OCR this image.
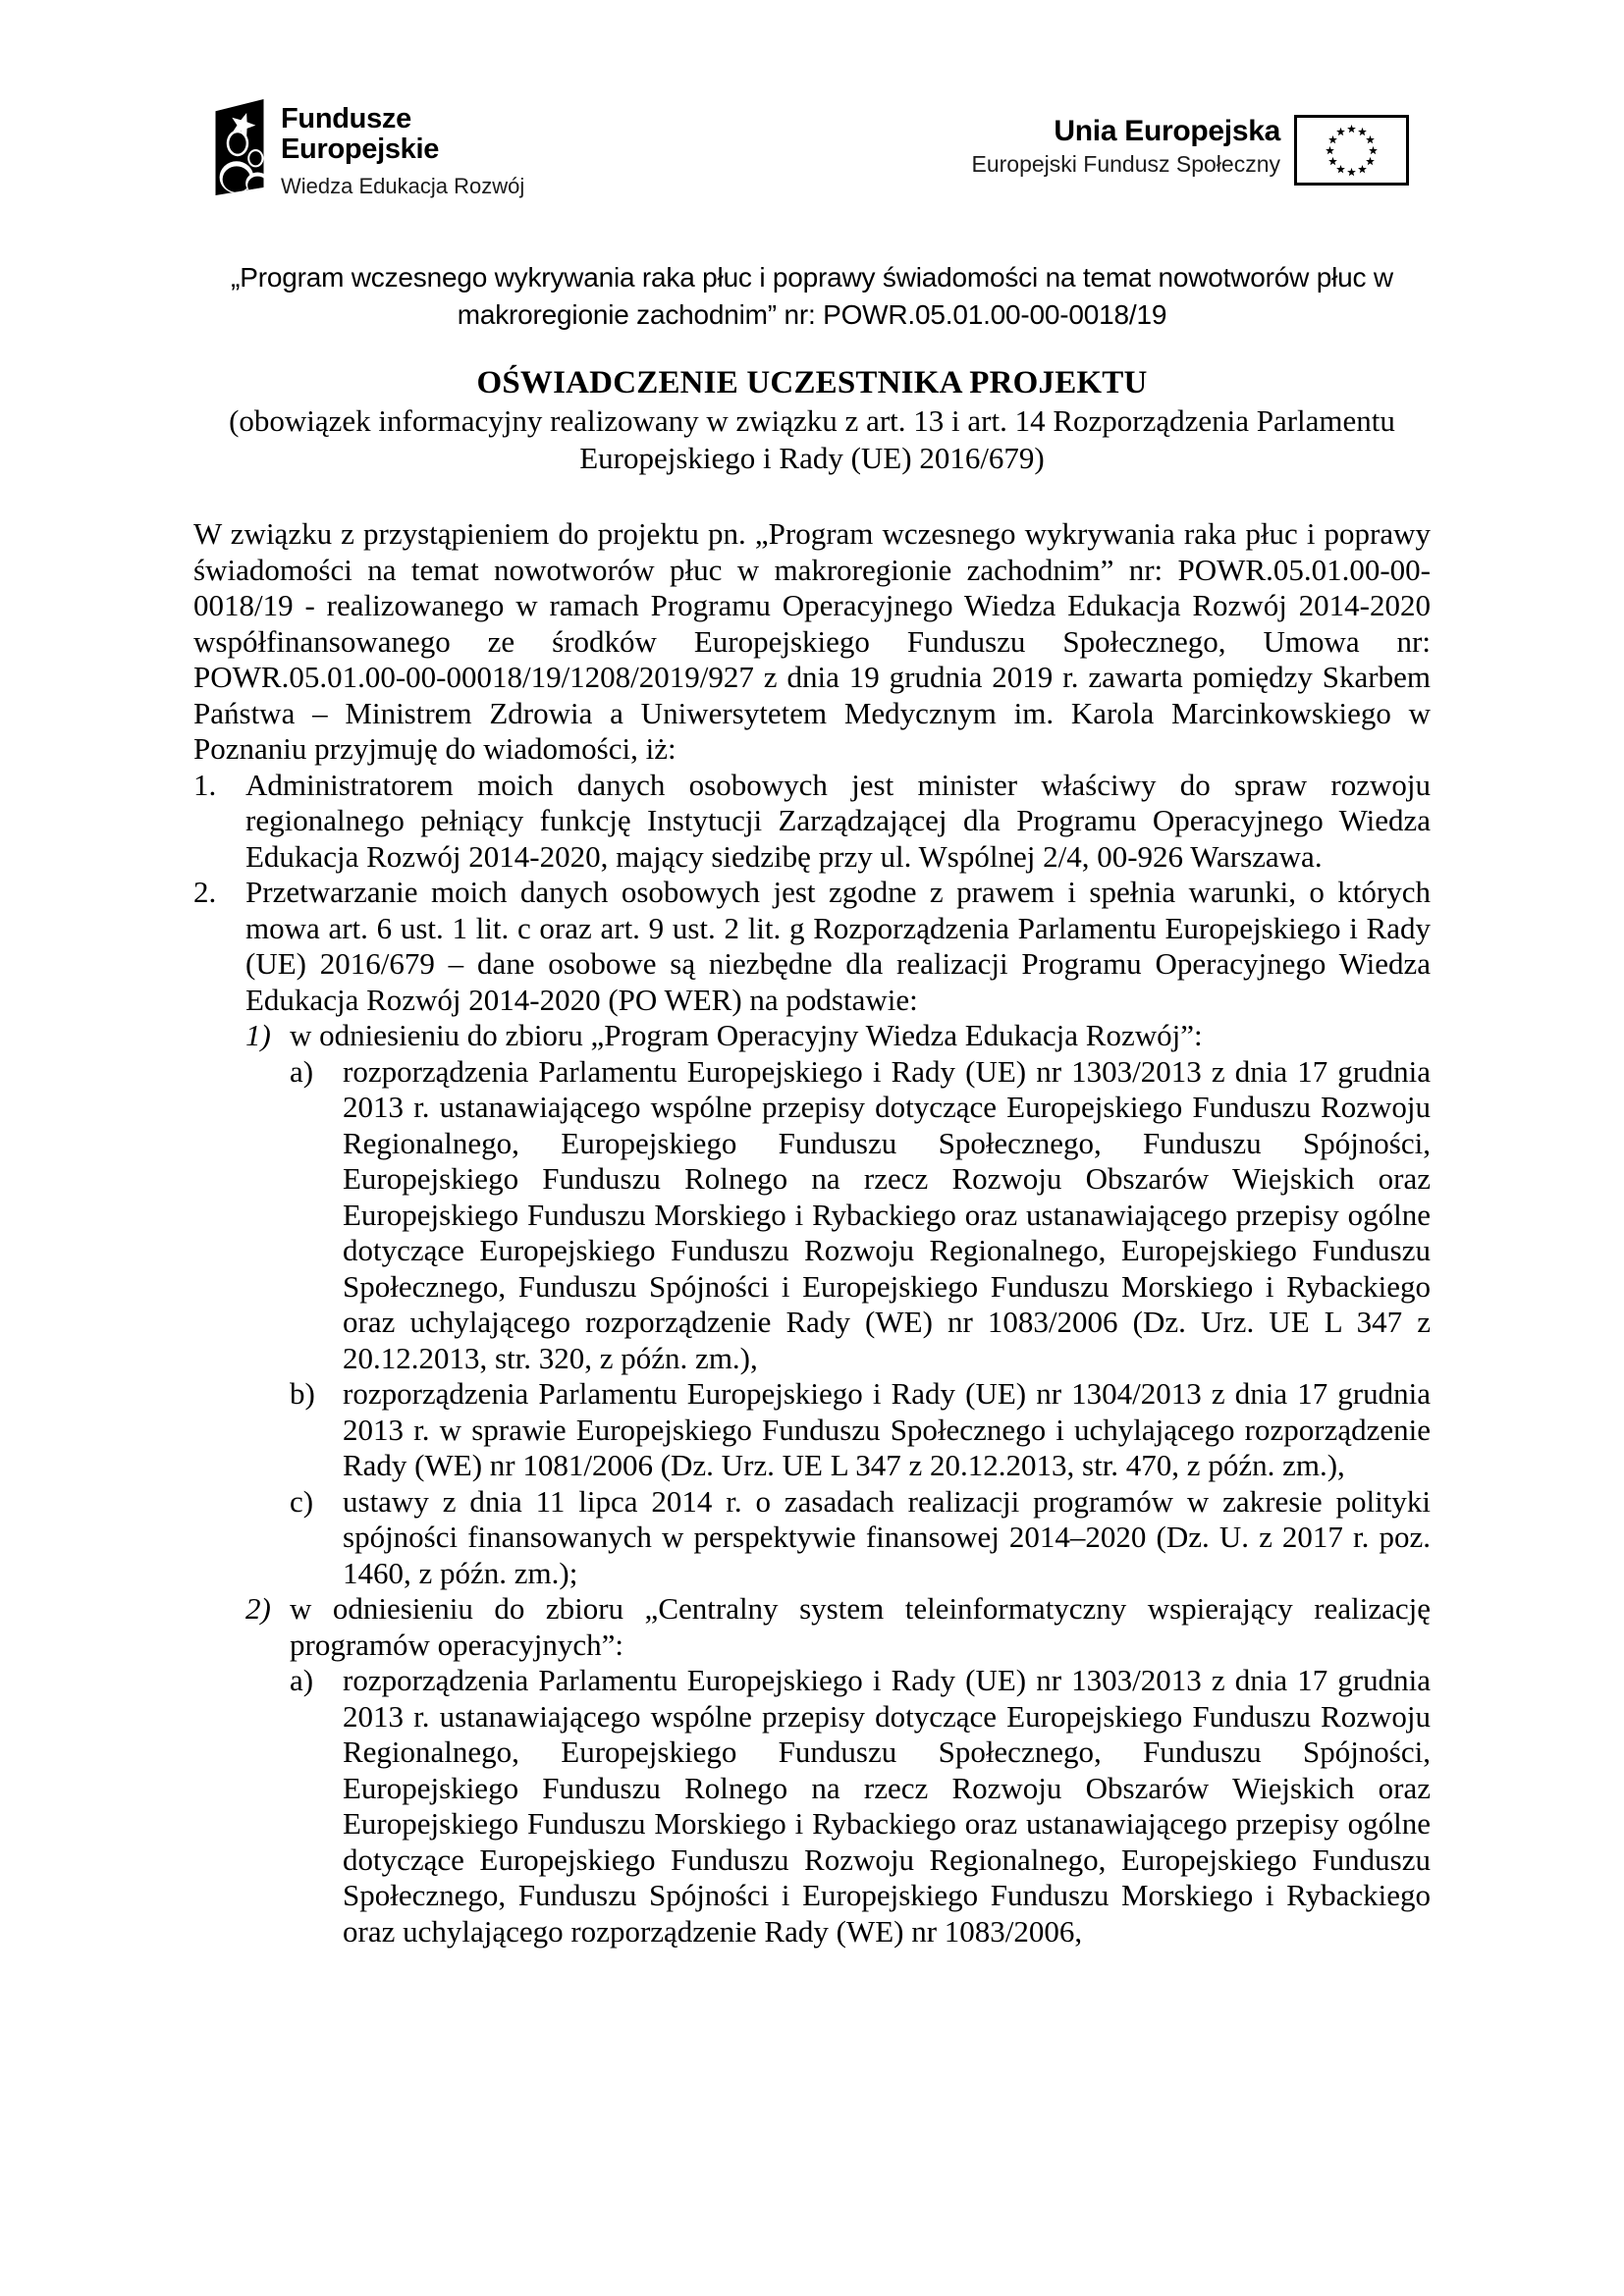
Fundusze
Europejskie
Wiedza Edukacja Rozwój
Unia Europejska
Europejski Fundusz Społeczny
„Program wczesnego wykrywania raka płuc i poprawy świadomości na temat nowotworów płuc w
makroregionie zachodnim” nr: POWR.05.01.00-00-0018/19
OŚWIADCZENIE UCZESTNIKA PROJEKTU
(obowiązek informacyjny realizowany w związku z art. 13 i art. 14 Rozporządzenia Parlamentu
Europejskiego i Rady (UE) 2016/679)
W związku z przystąpieniem do projektu pn. „Program wczesnego wykrywania raka płuc i poprawy świadomości na temat nowotworów płuc w makroregionie zachodnim” nr: POWR.05.01.00-00-0018/19 - realizowanego w ramach Programu Operacyjnego Wiedza Edukacja Rozwój 2014-2020 współfinansowanego ze środków Europejskiego Funduszu Społecznego, Umowa nr: POWR.05.01.00-00-00018/19/1208/2019/927 z dnia 19 grudnia 2019 r. zawarta pomiędzy Skarbem Państwa – Ministrem Zdrowia a Uniwersytetem Medycznym im. Karola Marcinkowskiego w Poznaniu przyjmuję do wiadomości, iż:
1. Administratorem moich danych osobowych jest minister właściwy do spraw rozwoju regionalnego pełniący funkcję Instytucji Zarządzającej dla Programu Operacyjnego Wiedza Edukacja Rozwój 2014-2020, mający siedzibę przy ul. Wspólnej 2/4, 00-926 Warszawa.
2. Przetwarzanie moich danych osobowych jest zgodne z prawem i spełnia warunki, o których mowa art. 6 ust. 1 lit. c oraz art. 9 ust. 2 lit. g Rozporządzenia Parlamentu Europejskiego i Rady (UE) 2016/679 – dane osobowe są niezbędne dla realizacji Programu Operacyjnego Wiedza Edukacja Rozwój 2014-2020 (PO WER) na podstawie:
1) w odniesieniu do zbioru „Program Operacyjny Wiedza Edukacja Rozwój”:
a) rozporządzenia Parlamentu Europejskiego i Rady (UE) nr 1303/2013 z dnia 17 grudnia 2013 r. ustanawiającego wspólne przepisy dotyczące Europejskiego Funduszu Rozwoju Regionalnego, Europejskiego Funduszu Społecznego, Funduszu Spójności, Europejskiego Funduszu Rolnego na rzecz Rozwoju Obszarów Wiejskich oraz Europejskiego Funduszu Morskiego i Rybackiego oraz ustanawiającego przepisy ogólne dotyczące Europejskiego Funduszu Rozwoju Regionalnego, Europejskiego Funduszu Społecznego, Funduszu Spójności i Europejskiego Funduszu Morskiego i Rybackiego oraz uchylającego rozporządzenie Rady (WE) nr 1083/2006 (Dz. Urz. UE L 347 z 20.12.2013, str. 320, z późn. zm.),
b) rozporządzenia Parlamentu Europejskiego i Rady (UE) nr 1304/2013 z dnia 17 grudnia 2013 r. w sprawie Europejskiego Funduszu Społecznego i uchylającego rozporządzenie Rady (WE) nr 1081/2006 (Dz. Urz. UE L 347 z 20.12.2013, str. 470, z późn. zm.),
c) ustawy z dnia 11 lipca 2014 r. o zasadach realizacji programów w zakresie polityki spójności finansowanych w perspektywie finansowej 2014–2020 (Dz. U. z 2017 r. poz. 1460, z późn. zm.);
2) w odniesieniu do zbioru „Centralny system teleinformatyczny wspierający realizację programów operacyjnych”:
a) rozporządzenia Parlamentu Europejskiego i Rady (UE) nr 1303/2013 z dnia 17 grudnia 2013 r. ustanawiającego wspólne przepisy dotyczące Europejskiego Funduszu Rozwoju Regionalnego, Europejskiego Funduszu Społecznego, Funduszu Spójności, Europejskiego Funduszu Rolnego na rzecz Rozwoju Obszarów Wiejskich oraz Europejskiego Funduszu Morskiego i Rybackiego oraz ustanawiającego przepisy ogólne dotyczące Europejskiego Funduszu Rozwoju Regionalnego, Europejskiego Funduszu Społecznego, Funduszu Spójności i Europejskiego Funduszu Morskiego i Rybackiego oraz uchylającego rozporządzenie Rady (WE) nr 1083/2006,
